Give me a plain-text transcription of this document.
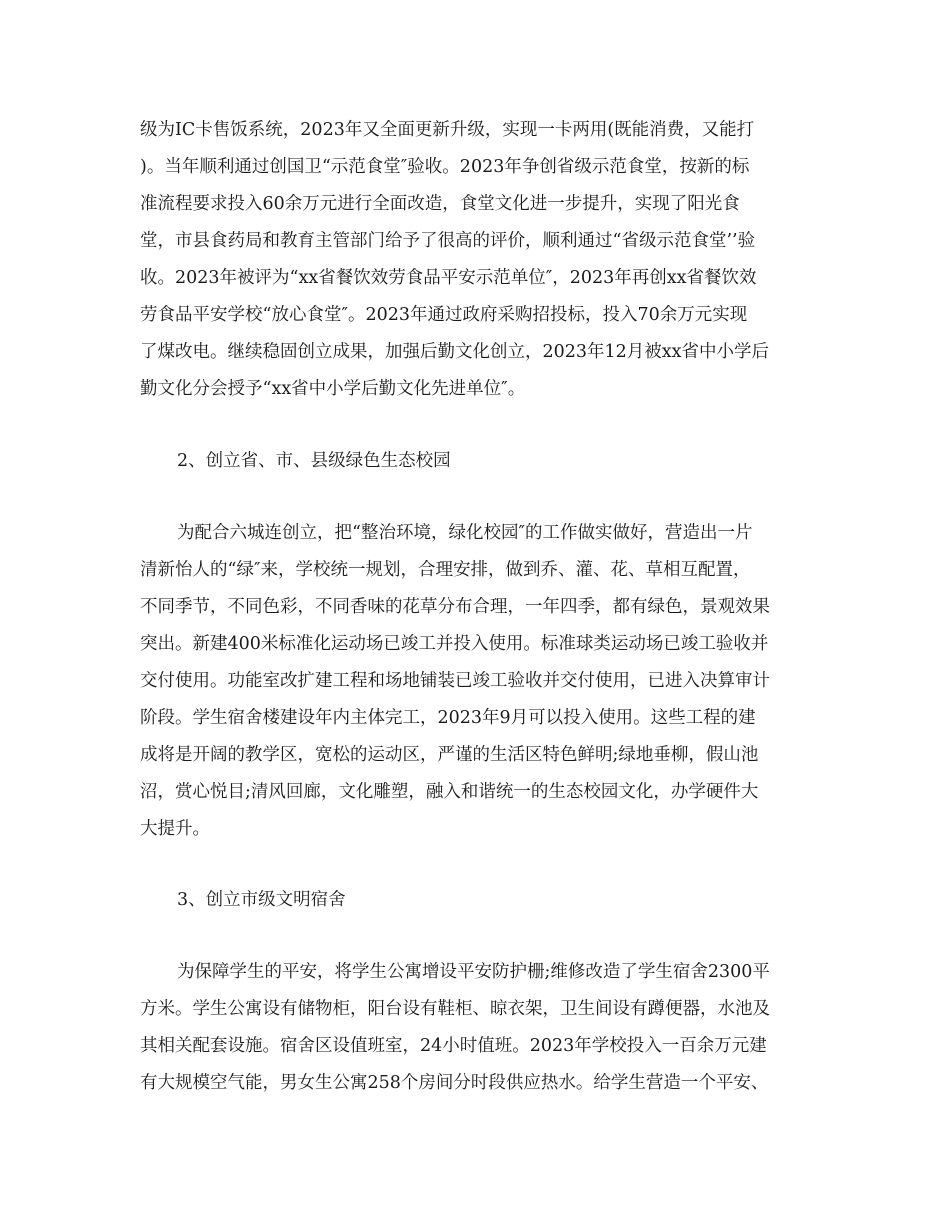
级为IC卡售饭系统，2023年又全面更新升级，实现一卡两用(既能消费，又能打
)。当年顺利通过创国卫“示范食堂″验收。2023年争创省级示范食堂，按新的标
准流程要求投入60余万元进行全面改造，食堂文化进一步提升，实现了阳光食
堂，市县食药局和教育主管部门给予了很高的评价，顺利通过“省级示范食堂’’验
收。2023年被评为“xx省餐饮效劳食品平安示范单位″，2023年再创xx省餐饮效
劳食品平安学校“放心食堂″。2023年通过政府采购招投标，投入70余万元实现
了煤改电。继续稳固创立成果，加强后勤文化创立，2023年12月被xx省中小学后
勤文化分会授予“xx省中小学后勤文化先进单位″。
2、创立省、市、县级绿色生态校园
为配合六城连创立，把“整治环境，绿化校园″的工作做实做好，营造出一片
清新怡人的“绿″来，学校统一规划，合理安排，做到乔、灌、花、草相互配置，
不同季节，不同色彩，不同香味的花草分布合理，一年四季，都有绿色，景观效果
突出。新建400米标准化运动场已竣工并投入使用。标准球类运动场已竣工验收并
交付使用。功能室改扩建工程和场地铺装已竣工验收并交付使用，已进入决算审计
阶段。学生宿舍楼建设年内主体完工，2023年9月可以投入使用。这些工程的建
成将是开阔的教学区，宽松的运动区，严谨的生活区特色鲜明;绿地垂柳，假山池
沼，赏心悦目;清风回廊，文化雕塑，融入和谐统一的生态校园文化，办学硬件大
大提升。
3、创立市级文明宿舍
为保障学生的平安，将学生公寓增设平安防护栅;维修改造了学生宿舍2300平
方米。学生公寓设有储物柜，阳台设有鞋柜、晾衣架，卫生间设有蹲便器，水池及
其相关配套设施。宿舍区设值班室，24小时值班。2023年学校投入一百余万元建
有大规模空气能，男女生公寓258个房间分时段供应热水。给学生营造一个平安、
